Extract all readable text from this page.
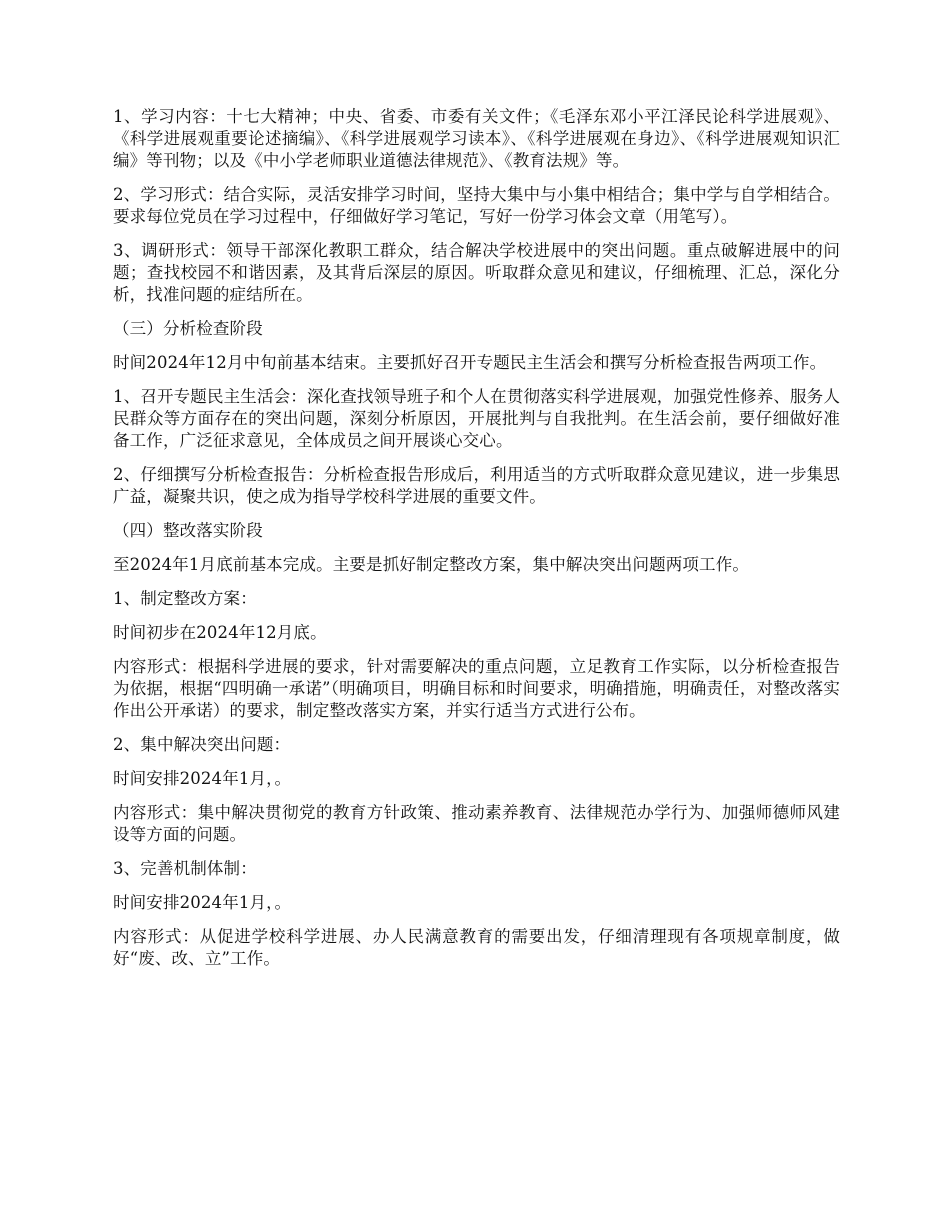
1、学习内容：十七大精神；中央、省委、市委有关文件；《毛泽东邓小平江泽民论科学进展观》、《科学进展观重要论述摘编》、《科学进展观学习读本》、《科学进展观在身边》、《科学进展观知识汇编》等刊物；以及《中小学老师职业道德法律规范》、《教育法规》等。

2、学习形式：结合实际，灵活安排学习时间，坚持大集中与小集中相结合；集中学与自学相结合。要求每位党员在学习过程中，仔细做好学习笔记，写好一份学习体会文章（用笔写）。

3、调研形式：领导干部深化教职工群众，结合解决学校进展中的突出问题。重点破解进展中的问题；查找校园不和谐因素，及其背后深层的原因。听取群众意见和建议，仔细梳理、汇总，深化分析，找准问题的症结所在。

（三）分析检查阶段

时间2024年12月中旬前基本结束。主要抓好召开专题民主生活会和撰写分析检查报告两项工作。

1、召开专题民主生活会：深化查找领导班子和个人在贯彻落实科学进展观，加强党性修养、服务人民群众等方面存在的突出问题，深刻分析原因，开展批判与自我批判。在生活会前，要仔细做好准备工作，广泛征求意见，全体成员之间开展谈心交心。

2、仔细撰写分析检查报告：分析检查报告形成后，利用适当的方式听取群众意见建议，进一步集思广益，凝聚共识，使之成为指导学校科学进展的重要文件。

（四）整改落实阶段

至2024年1月底前基本完成。主要是抓好制定整改方案，集中解决突出问题两项工作。

1、制定整改方案：

时间初步在2024年12月底。

内容形式：根据科学进展的要求，针对需要解决的重点问题，立足教育工作实际，以分析检查报告为依据，根据“四明确一承诺”（明确项目，明确目标和时间要求，明确措施，明确责任，对整改落实作出公开承诺）的要求，制定整改落实方案，并实行适当方式进行公布。

2、集中解决突出问题：

时间安排2024年1月，。

内容形式：集中解决贯彻党的教育方针政策、推动素养教育、法律规范办学行为、加强师德师风建设等方面的问题。

3、完善机制体制：

时间安排2024年1月，。

内容形式：从促进学校科学进展、办人民满意教育的需要出发，仔细清理现有各项规章制度，做好“废、改、立”工作。
